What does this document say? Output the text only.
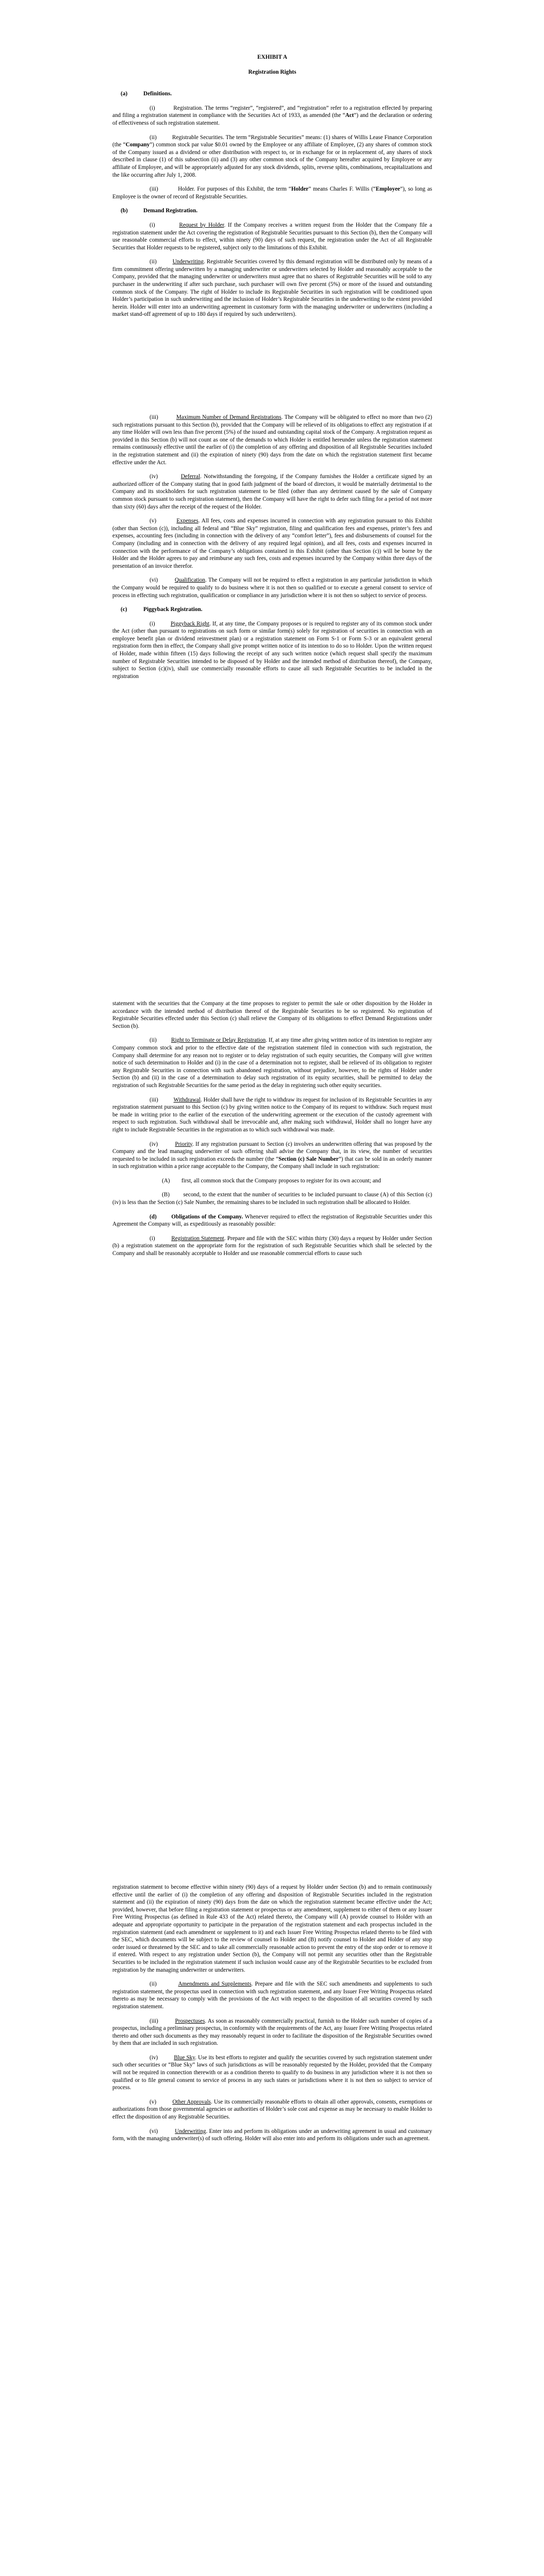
EXHIBIT A
Registration Rights
(a)	Definitions.

(i)	Registration. The terms “register”, “registered”, and “registration” refer to a registration effected by preparing and filing a registration statement in compliance with the Securities Act of 1933, as amended (the “Act”) and the declaration or ordering of effectiveness of such registration statement.

(ii)	Registrable Securities. The term “Registrable Securities” means: (1) shares of Willis Lease Finance Corporation (the “Company”) common stock par value $0.01 owned by the Employee or any affiliate of Employee, (2) any shares of common stock of the Company issued as a dividend or other distribution with respect to, or in exchange for or in replacement of, any shares of stock described in clause (1) of this subsection (ii) and (3) any other common stock of the Company hereafter acquired by Employee or any affiliate of Employee, and will be appropriately adjusted for any stock dividends, splits, reverse splits, combinations, recapitalizations and the like occurring after July 1, 2008.

(iii)	Holder. For purposes of this Exhibit, the term “Holder” means Charles F. Willis (“Employee”), so long as Employee is the owner of record of Registrable Securities.

(b)	Demand Registration.

(i)	Request by Holder. If the Company receives a written request from the Holder that the Company file a registration statement under the Act covering the registration of Registrable Securities pursuant to this Section (b), then the Company will use reasonable commercial efforts to effect, within ninety (90) days of such request, the registration under the Act of all Registrable Securities that Holder requests to be registered, subject only to the limitations of this Exhibit.

(ii)	Underwriting. Registrable Securities covered by this demand registration will be distributed only by means of a firm commitment offering underwritten by a managing underwriter or underwriters selected by Holder and reasonably acceptable to the Company, provided that the managing underwriter or underwriters must agree that no shares of Registrable Securities will be sold to any purchaser in the underwriting if after such purchase, such purchaser will own five percent (5%) or more of the issued and outstanding common stock of the Company. The right of Holder to include its Registrable Securities in such registration will be conditioned upon Holder’s participation in such underwriting and the inclusion of Holder’s Registrable Securities in the underwriting to the extent provided herein. Holder will enter into an underwriting agreement in customary form with the managing underwriter or underwriters (including a market stand-off agreement of up to 180 days if required by such underwriters).

(iii)	Maximum Number of Demand Registrations. The Company will be obligated to effect no more than two (2) such registrations pursuant to this Section (b), provided that the Company will be relieved of its obligations to effect any registration if at any time Holder will own less than five percent (5%) of the issued and outstanding capital stock of the Company. A registration request as provided in this Section (b) will not count as one of the demands to which Holder is entitled hereunder unless the registration statement remains continuously effective until the earlier of (i) the completion of any offering and disposition of all Registrable Securities included in the registration statement and (ii) the expiration of ninety (90) days from the date on which the registration statement first became effective under the Act.

(iv)	Deferral. Notwithstanding the foregoing, if the Company furnishes the Holder a certificate signed by an authorized officer of the Company stating that in good faith judgment of the board of directors, it would be materially detrimental to the Company and its stockholders for such registration statement to be filed (other than any detriment caused by the sale of Company common stock pursuant to such registration statement), then the Company will have the right to defer such filing for a period of not more than sixty (60) days after the receipt of the request of the Holder.

(v)	Expenses. All fees, costs and expenses incurred in connection with any registration pursuant to this Exhibit (other than Section (c)), including all federal and “Blue Sky” registration, filing and qualification fees and expenses, printer’s fees and expenses, accounting fees (including in connection with the delivery of any “comfort letter”), fees and disbursements of counsel for the Company (including and in connection with the delivery of any required legal opinion), and all fees, costs and expenses incurred in connection with the performance of the Company’s obligations contained in this Exhibit (other than Section (c)) will be borne by the Holder and the Holder agrees to pay and reimburse any such fees, costs and expenses incurred by the Company within three days of the presentation of an invoice therefor.

(vi)	Qualification. The Company will not be required to effect a registration in any particular jurisdiction in which the Company would be required to qualify to do business where it is not then so qualified or to execute a general consent to service of process in effecting such registration, qualification or compliance in any jurisdiction where it is not then so subject to service of process.

(c)	Piggyback Registration.

(i)	Piggyback Right. If, at any time, the Company proposes or is required to register any of its common stock under the Act (other than pursuant to registrations on such form or similar form(s) solely for registration of securities in connection with an employee benefit plan or dividend reinvestment plan) or a registration statement on Form S-1 or Form S-3 or an equivalent general registration form then in effect, the Company shall give prompt written notice of its intention to do so to Holder. Upon the written request of Holder, made within fifteen (15) days following the receipt of any such written notice (which request shall specify the maximum number of Registrable Securities intended to be disposed of by Holder and the intended method of distribution thereof), the Company, subject to Section (c)(iv), shall use commercially reasonable efforts to cause all such Registrable Securities to be included in the registration

statement with the securities that the Company at the time proposes to register to permit the sale or other disposition by the Holder in accordance with the intended method of distribution thereof of the Registrable Securities to be so registered. No registration of Registrable Securities effected under this Section (c) shall relieve the Company of its obligations to effect Demand Registrations under Section (b).

(ii)	Right to Terminate or Delay Registration. If, at any time after giving written notice of its intention to register any Company common stock and prior to the effective date of the registration statement filed in connection with such registration, the Company shall determine for any reason not to register or to delay registration of such equity securities, the Company will give written notice of such determination to Holder and (i) in the case of a determination not to register, shall be relieved of its obligation to register any Registrable Securities in connection with such abandoned registration, without prejudice, however, to the rights of Holder under Section (b) and (ii) in the case of a determination to delay such registration of its equity securities, shall be permitted to delay the registration of such Registrable Securities for the same period as the delay in registering such other equity securities.

(iii)	Withdrawal. Holder shall have the right to withdraw its request for inclusion of its Registrable Securities in any registration statement pursuant to this Section (c) by giving written notice to the Company of its request to withdraw. Such request must be made in writing prior to the earlier of the execution of the underwriting agreement or the execution of the custody agreement with respect to such registration. Such withdrawal shall be irrevocable and, after making such withdrawal, Holder shall no longer have any right to include Registrable Securities in the registration as to which such withdrawal was made.

(iv)	Priority. If any registration pursuant to Section (c) involves an underwritten offering that was proposed by the Company and the lead managing underwriter of such offering shall advise the Company that, in its view, the number of securities requested to be included in such registration exceeds the number (the “Section (c) Sale Number”) that can be sold in an orderly manner in such registration within a price range acceptable to the Company, the Company shall include in such registration:

(A) first, all common stock that the Company proposes to register for its own account; and

(B) second, to the extent that the number of securities to be included pursuant to clause (A) of this Section (c)(iv) is less than the Section (c) Sale Number, the remaining shares to be included in such registration shall be allocated to Holder.

(d)	Obligations of the Company. Whenever required to effect the registration of Registrable Securities under this Agreement the Company will, as expeditiously as reasonably possible:

(i)	Registration Statement. Prepare and file with the SEC within thirty (30) days a request by Holder under Section (b) a registration statement on the appropriate form for the registration of such Registrable Securities which shall be selected by the Company and shall be reasonably acceptable to Holder and use reasonable commercial efforts to cause such

registration statement to become effective within ninety (90) days of a request by Holder under Section (b) and to remain continuously effective until the earlier of (i) the completion of any offering and disposition of Registrable Securities included in the registration statement and (ii) the expiration of ninety (90) days from the date on which the registration statement became effective under the Act; provided, however, that before filing a registration statement or prospectus or any amendment, supplement to either of them or any Issuer Free Writing Prospectus (as defined in Rule 433 of the Act) related thereto, the Company will (A) provide counsel to Holder with an adequate and appropriate opportunity to participate in the preparation of the registration statement and each prospectus included in the registration statement (and each amendment or supplement to it) and each Issuer Free Writing Prospectus related thereto to be filed with the SEC, which documents will be subject to the review of counsel to Holder and (B) notify counsel to Holder and Holder of any stop order issued or threatened by the SEC and to take all commercially reasonable action to prevent the entry of the stop order or to remove it if entered. With respect to any registration under Section (b), the Company will not permit any securities other than the Registrable Securities to be included in the registration statement if such inclusion would cause any of the Registrable Securities to be excluded from registration by the managing underwriter or underwriters.

(ii)	Amendments and Supplements. Prepare and file with the SEC such amendments and supplements to such registration statement, the prospectus used in connection with such registration statement, and any Issuer Free Writing Prospectus related thereto as may be necessary to comply with the provisions of the Act with respect to the disposition of all securities covered by such registration statement.

(iii)	Prospectuses. As soon as reasonably commercially practical, furnish to the Holder such number of copies of a prospectus, including a preliminary prospectus, in conformity with the requirements of the Act, any Issuer Free Writing Prospectus related thereto and other such documents as they may reasonably request in order to facilitate the disposition of the Registrable Securities owned by them that are included in such registration.

(iv)	Blue Sky. Use its best efforts to register and qualify the securities covered by such registration statement under such other securities or “Blue Sky” laws of such jurisdictions as will be reasonably requested by the Holder, provided that the Company will not be required in connection therewith or as a condition thereto to qualify to do business in any jurisdiction where it is not then so qualified or to file general consent to service of process in any such states or jurisdictions where it is not then so subject to service of process.

(v)	Other Approvals. Use its commercially reasonable efforts to obtain all other approvals, consents, exemptions or authorizations from those governmental agencies or authorities of Holder’s sole cost and expense as may be necessary to enable Holder to effect the disposition of any Registrable Securities.

(vi)	Underwriting. Enter into and perform its obligations under an underwriting agreement in usual and customary form, with the managing underwriter(s) of such offering. Holder will also enter into and perform its obligations under such an agreement.
